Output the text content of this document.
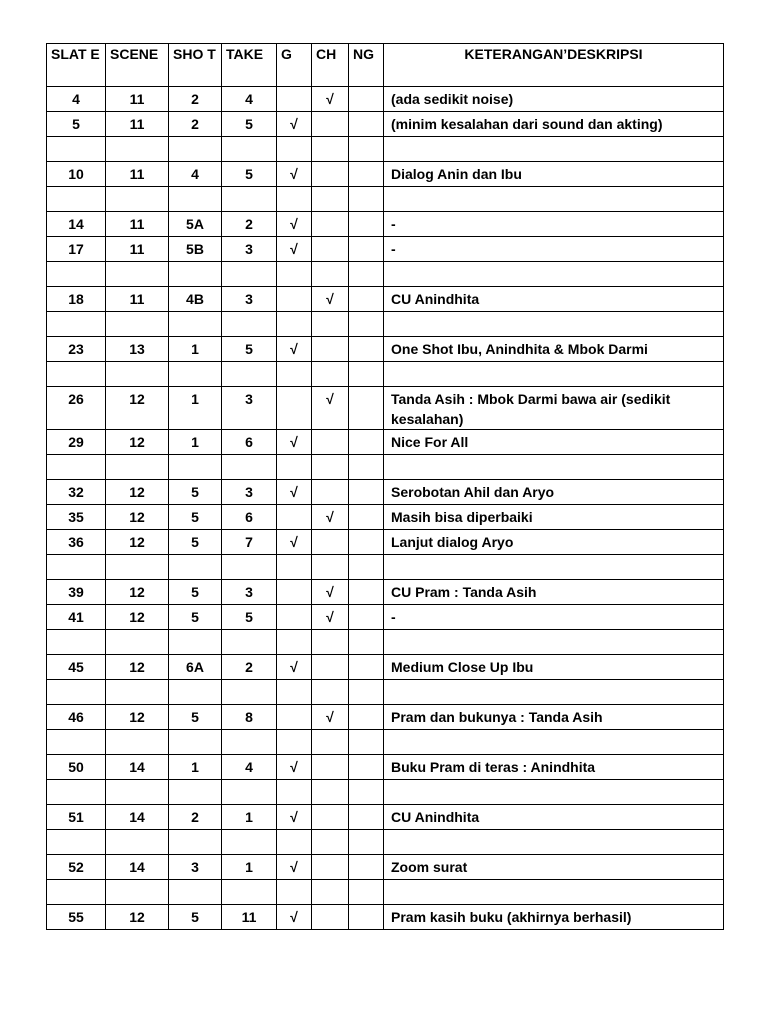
SLAT E	SCENE	SHO T	TAKE	G	CH	NG	KETERANGAN’DESKRIPSI
4	11	2	4		√		(ada sedikit noise)
5	11	2	5	√			(minim kesalahan dari sound dan akting)

10	11	4	5	√			Dialog Anin dan Ibu

14	11	5A	2	√			-
17	11	5B	3	√			-

18	11	4B	3		√		CU Anindhita

23	13	1	5	√			One Shot Ibu, Anindhita & Mbok Darmi

26	12	1	3		√		Tanda Asih : Mbok Darmi bawa air (sedikit kesalahan)
29	12	1	6	√			Nice For All

32	12	5	3	√			Serobotan Ahil dan Aryo
35	12	5	6		√		Masih bisa diperbaiki
36	12	5	7	√			Lanjut dialog Aryo

39	12	5	3		√		CU Pram : Tanda Asih
41	12	5	5		√		-

45	12	6A	2	√			Medium Close Up Ibu

46	12	5	8		√		Pram dan bukunya : Tanda Asih

50	14	1	4	√			Buku Pram di teras : Anindhita

51	14	2	1	√			CU Anindhita

52	14	3	1	√			Zoom surat

55	12	5	11	√			Pram kasih buku (akhirnya berhasil)
